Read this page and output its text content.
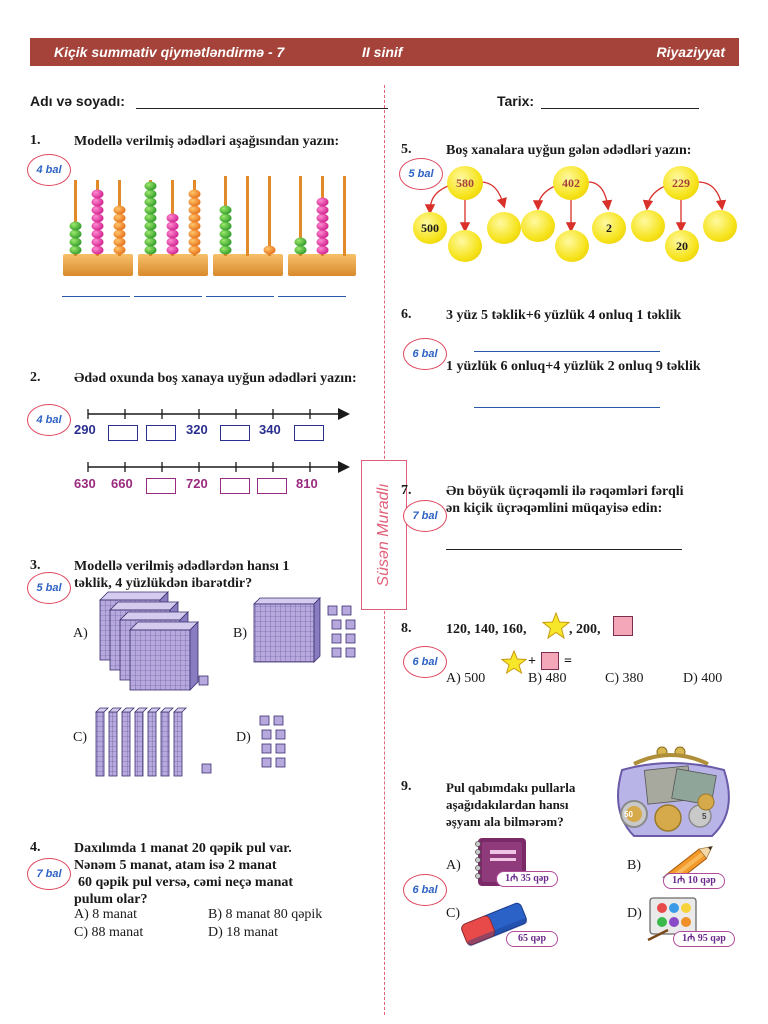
Kiçik summativ qiymətləndirmə - 7	II sinif	Riyaziyyat
Adı və soyadı:	Tarix:
Süsən Muradlı
1. Modellə verilmiş ədədləri aşağısından yazın:
4 bal
2. Ədəd oxunda boş xanaya uyğun ədədləri yazın:
4 bal
290	320	340
630 660	720	810
3. Modellə verilmiş ədədlərdən hansı 1 təklik, 4 yüzlükdən ibarətdir?
5 bal
A)	B)
C)	D)
4. Daxılımda 1 manat 20 qəpik pul var.
Nənəm 5 manat, atam isə 2 manat
60 qəpik pul versə, cəmi neçə manat
pulum olar?
7 bal
A) 8 manat	B) 8 manat 80 qəpik
C) 88 manat	D) 18 manat
5. Boş xanalara uyğun gələn ədədləri yazın:
5 bal
580	402	229
500	2
20
6. 3 yüz 5 təklik+6 yüzlük 4 onluq 1 təklik
6 bal
1 yüzlük 6 onluq+4 yüzlük 2 onluq 9 təklik
7. Ən böyük üçrəqəmli ilə rəqəmləri fərqli
ən kiçik üçrəqəmlini müqayisə edin:
7 bal
8. 120, 140, 160,	, 200,
6 bal	+ =
A) 500	B) 480	C) 380	D) 400
9.	Pul qabımdakı pullarla
aşağıdakılardan hansı
əşyanı ala bilmərəm?	50	5
6 bal
A)
1₼ 35 qəp
B)
1₼ 10 qəp
C)
65 qəp
D)
1₼ 95 qəp
